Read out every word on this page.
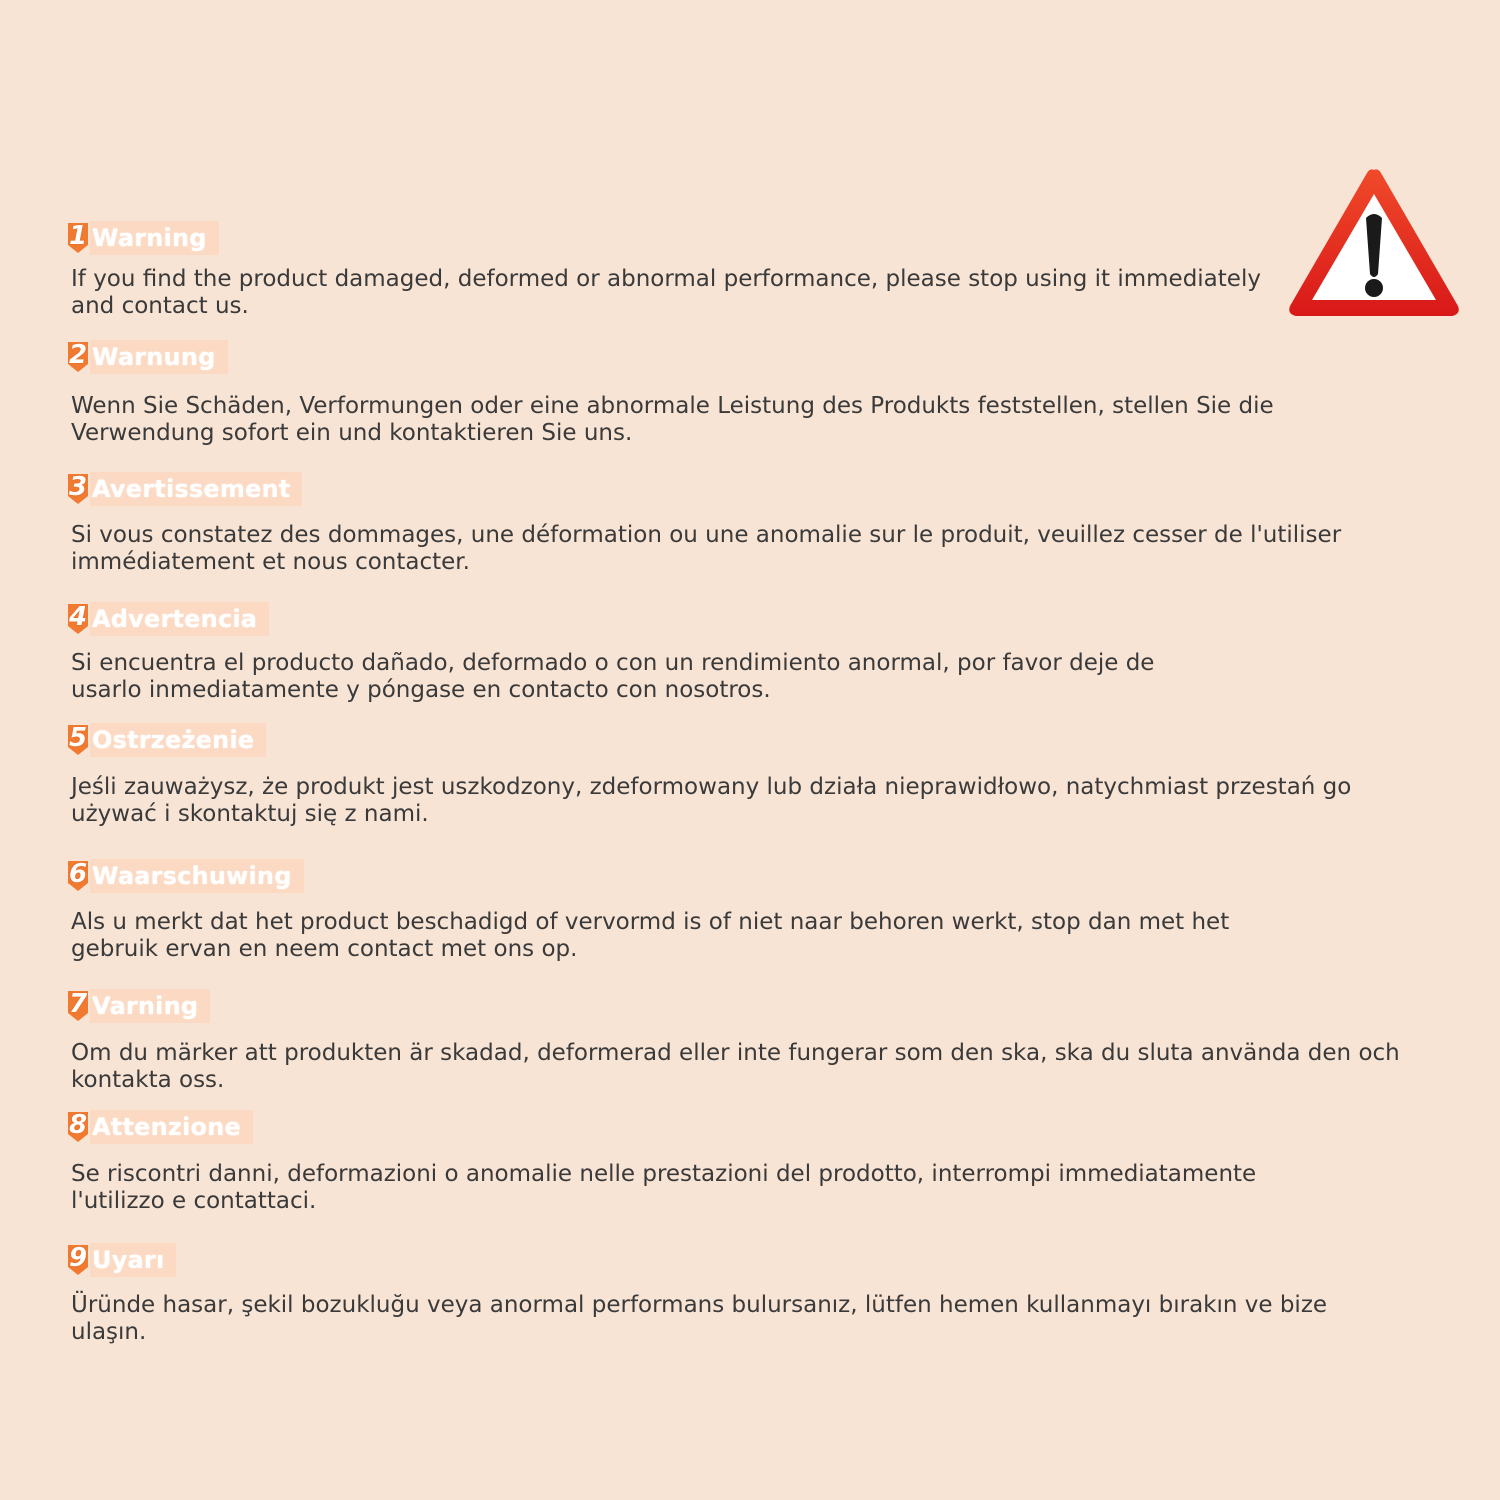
1 Warning
If you find the product damaged, deformed or abnormal performance, please stop using it immediately
and contact us.
2 Warnung
Wenn Sie Schäden, Verformungen oder eine abnormale Leistung des Produkts feststellen, stellen Sie die
Verwendung sofort ein und kontaktieren Sie uns.
3 Avertissement
Si vous constatez des dommages, une déformation ou une anomalie sur le produit, veuillez cesser de l'utiliser
immédiatement et nous contacter.
4 Advertencia
Si encuentra el producto dañado, deformado o con un rendimiento anormal, por favor deje de
usarlo inmediatamente y póngase en contacto con nosotros.
5 Ostrzeżenie
Jeśli zauważysz, że produkt jest uszkodzony, zdeformowany lub działa nieprawidłowo, natychmiast przestań go
używać i skontaktuj się z nami.
6 Waarschuwing
Als u merkt dat het product beschadigd of vervormd is of niet naar behoren werkt, stop dan met het
gebruik ervan en neem contact met ons op.
7 Varning
Om du märker att produkten är skadad, deformerad eller inte fungerar som den ska, ska du sluta använda den och
kontakta oss.
8 Attenzione
Se riscontri danni, deformazioni o anomalie nelle prestazioni del prodotto, interrompi immediatamente
l'utilizzo e contattaci.
9 Uyarı
Üründe hasar, şekil bozukluğu veya anormal performans bulursanız, lütfen hemen kullanmayı bırakın ve bize
ulaşın.
